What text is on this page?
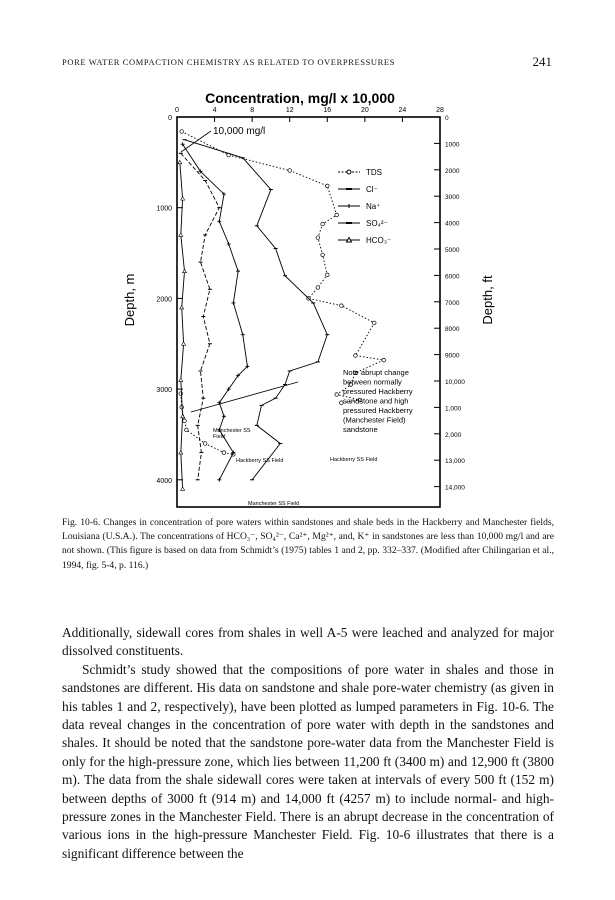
PORE WATER COMPACTION CHEMISTRY AS RELATED TO OVERPRESSURES	241
Concentration, mg/l x 10,000
0	4	8	12	16	20	24	28
0
1000
2000
3000
4000
0
1000
2000
3000
4000
5000
6000
7000
8000
9000
10,000
1,000
2,000
13,000
14,000
Depth, m	Depth, ft
10,000 mg/l
TDS
Cl⁻
Na⁺
SO₄²⁻
HCO₃⁻
Note abrupt change
between normally
pressured Hackberry
sandstone and high
pressured Hackberry
(Manchester Field)
sandstone
Manchester SS
Field
Hackberry SS Field	Hackberry SS Field
Manchester SS Field
Fig. 10-6. Changes in concentration of pore waters within sandstones and shale beds in the Hackberry and Manchester fields, Louisiana (U.S.A.). The concentrations of HCO₃⁻, SO₄²⁻, Ca²⁺, Mg²⁺, and, K⁺ in sandstones are less than 10,000 mg/l and are not shown. (This figure is based on data from Schmidt’s (1975) tables 1 and 2, pp. 332–337. (Modified after Chilingarian et al., 1994, fig. 5-4, p. 116.)

Additionally, sidewall cores from shales in well A-5 were leached and analyzed for major dissolved constituents.

Schmidt’s study showed that the compositions of pore water in shales and those in sandstones are different. His data on sandstone and shale pore-water chemistry (as given in his tables 1 and 2, respectively), have been plotted as lumped parameters in Fig. 10-6. The data reveal changes in the concentration of pore water with depth in the sandstones and shales. It should be noted that the sandstone pore-water data from the Manchester Field is only for the high-pressure zone, which lies between 11,200 ft (3400 m) and 12,900 ft (3800 m). The data from the shale sidewall cores were taken at intervals of every 500 ft (152 m) between depths of 3000 ft (914 m) and 14,000 ft (4257 m) to include normal- and high-pressure zones in the Manchester Field. There is an abrupt decrease in the concentration of various ions in the high-pressure Manchester Field. Fig. 10-6 illustrates that there is a significant difference between the
